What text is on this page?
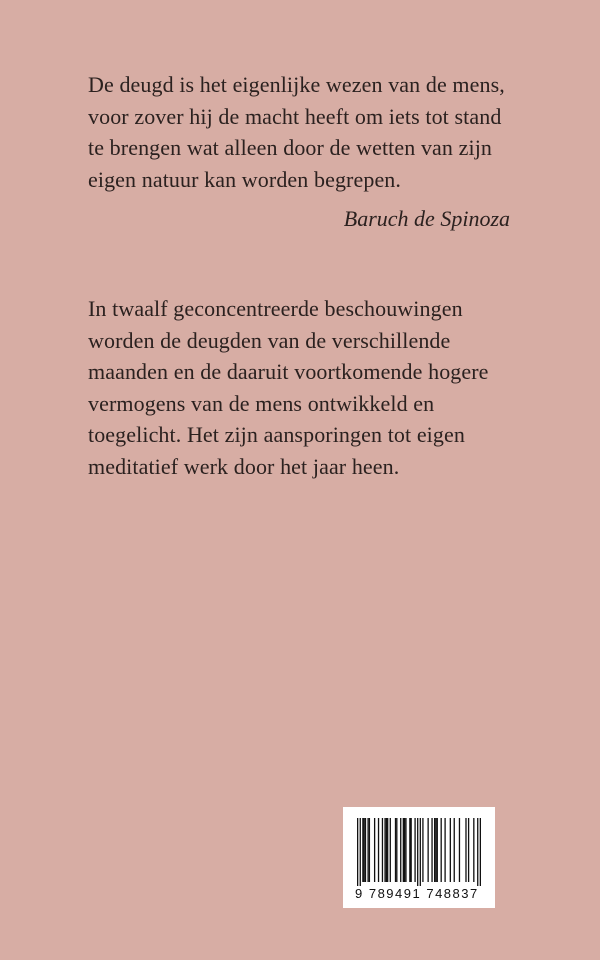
De deugd is het eigenlijke wezen van de mens,
voor zover hij de macht heeft om iets tot stand
te brengen wat alleen door de wetten van zijn
eigen natuur kan worden begrepen.
Baruch de Spinoza
In twaalf geconcentreerde beschouwingen
worden de deugden van de verschillende
maanden en de daaruit voortkomende hogere
vermogens van de mens ontwikkeld en
toegelicht. Het zijn aansporingen tot eigen
meditatief werk door het jaar heen.
9 789491 748837
